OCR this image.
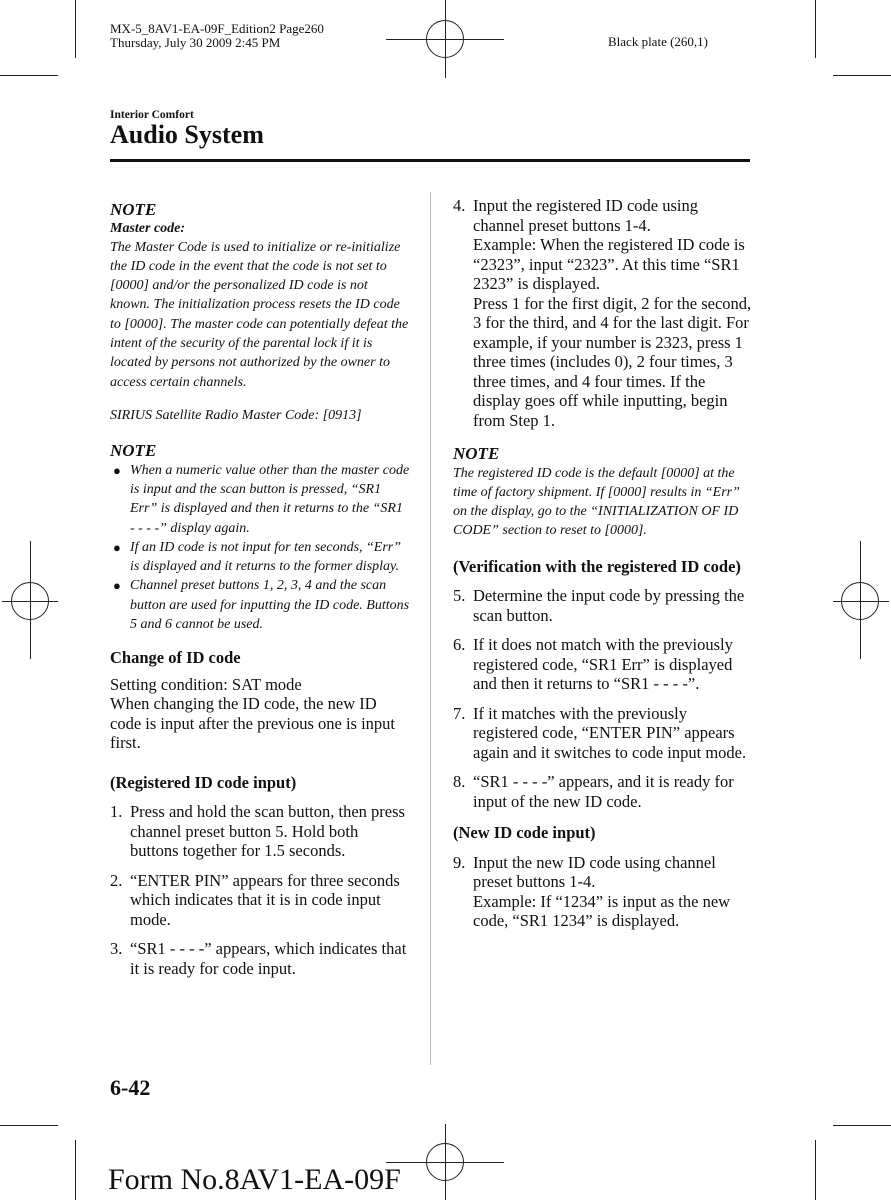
MX-5_8AV1-EA-09F_Edition2 Page260
Thursday, July 30 2009 2:45 PM	Black plate (260,1)
Interior Comfort
Audio System
NOTE
Master code:

The Master Code is used to initialize or re-initialize the ID code in the event that the code is not set to [0000] and/or the personalized ID code is not known. The initialization process resets the ID code to [0000]. The master code can potentially defeat the intent of the security of the parental lock if it is located by persons not authorized by the owner to access certain channels.

SIRIUS Satellite Radio Master Code: [0913]

NOTE
● When a numeric value other than the master code is input and the scan button is pressed, “SR1 Err” is displayed and then it returns to the “SR1 - - - -” display again.
● If an ID code is not input for ten seconds, “Err” is displayed and it returns to the former display.
● Channel preset buttons 1, 2, 3, 4 and the scan button are used for inputting the ID code. Buttons 5 and 6 cannot be used.
Change of ID code

Setting condition: SAT mode

When changing the ID code, the new ID code is input after the previous one is input first.

(Registered ID code input)
1. Press and hold the scan button, then press channel preset button 5. Hold both buttons together for 1.5 seconds.
2. “ENTER PIN” appears for three seconds which indicates that it is in code input mode.
3. “SR1 - - - -” appears, which indicates that it is ready for code input.
4. Input the registered ID code using channel preset buttons 1-4.
Example: When the registered ID code is “2323”, input “2323”. At this time “SR1 2323” is displayed.
Press 1 for the first digit, 2 for the second, 3 for the third, and 4 for the last digit. For example, if your number is 2323, press 1 three times (includes 0), 2 four times, 3 three times, and 4 four times. If the display goes off while inputting, begin from Step 1.
NOTE

The registered ID code is the default [0000] at the time of factory shipment. If [0000] results in “Err” on the display, go to the “INITIALIZATION OF ID CODE” section to reset to [0000].

(Verification with the registered ID code)
5. Determine the input code by pressing the scan button.
6. If it does not match with the previously registered code, “SR1 Err” is displayed and then it returns to “SR1 - - - -”.
7. If it matches with the previously registered code, “ENTER PIN” appears again and it switches to code input mode.
8. “SR1 - - - -” appears, and it is ready for input of the new ID code.
(New ID code input)
9. Input the new ID code using channel preset buttons 1-4.
Example: If “1234” is input as the new code, “SR1 1234” is displayed.
6-42
Form No.8AV1-EA-09F
